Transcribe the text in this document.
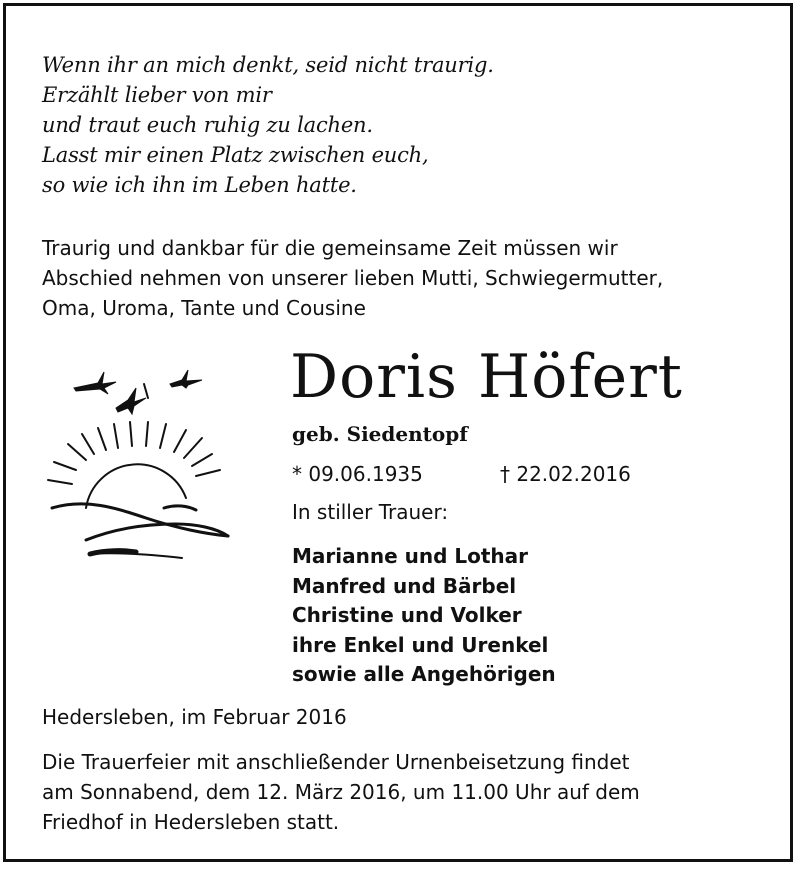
Wenn ihr an mich denkt, seid nicht traurig.
Erzählt lieber von mir
und traut euch ruhig zu lachen.
Lasst mir einen Platz zwischen euch,
so wie ich ihn im Leben hatte.
Traurig und dankbar für die gemeinsame Zeit müssen wir
Abschied nehmen von unserer lieben Mutti, Schwiegermutter,
Oma, Uroma, Tante und Cousine
Doris Höfert
geb. Siedentopf
* 09.06.1935	† 22.02.2016
In stiller Trauer:
Marianne und Lothar
Manfred und Bärbel
Christine und Volker
ihre Enkel und Urenkel
sowie alle Angehörigen
Hedersleben, im Februar 2016
Die Trauerfeier mit anschließender Urnenbeisetzung findet
am Sonnabend, dem 12. März 2016, um 11.00 Uhr auf dem
Friedhof in Hedersleben statt.
